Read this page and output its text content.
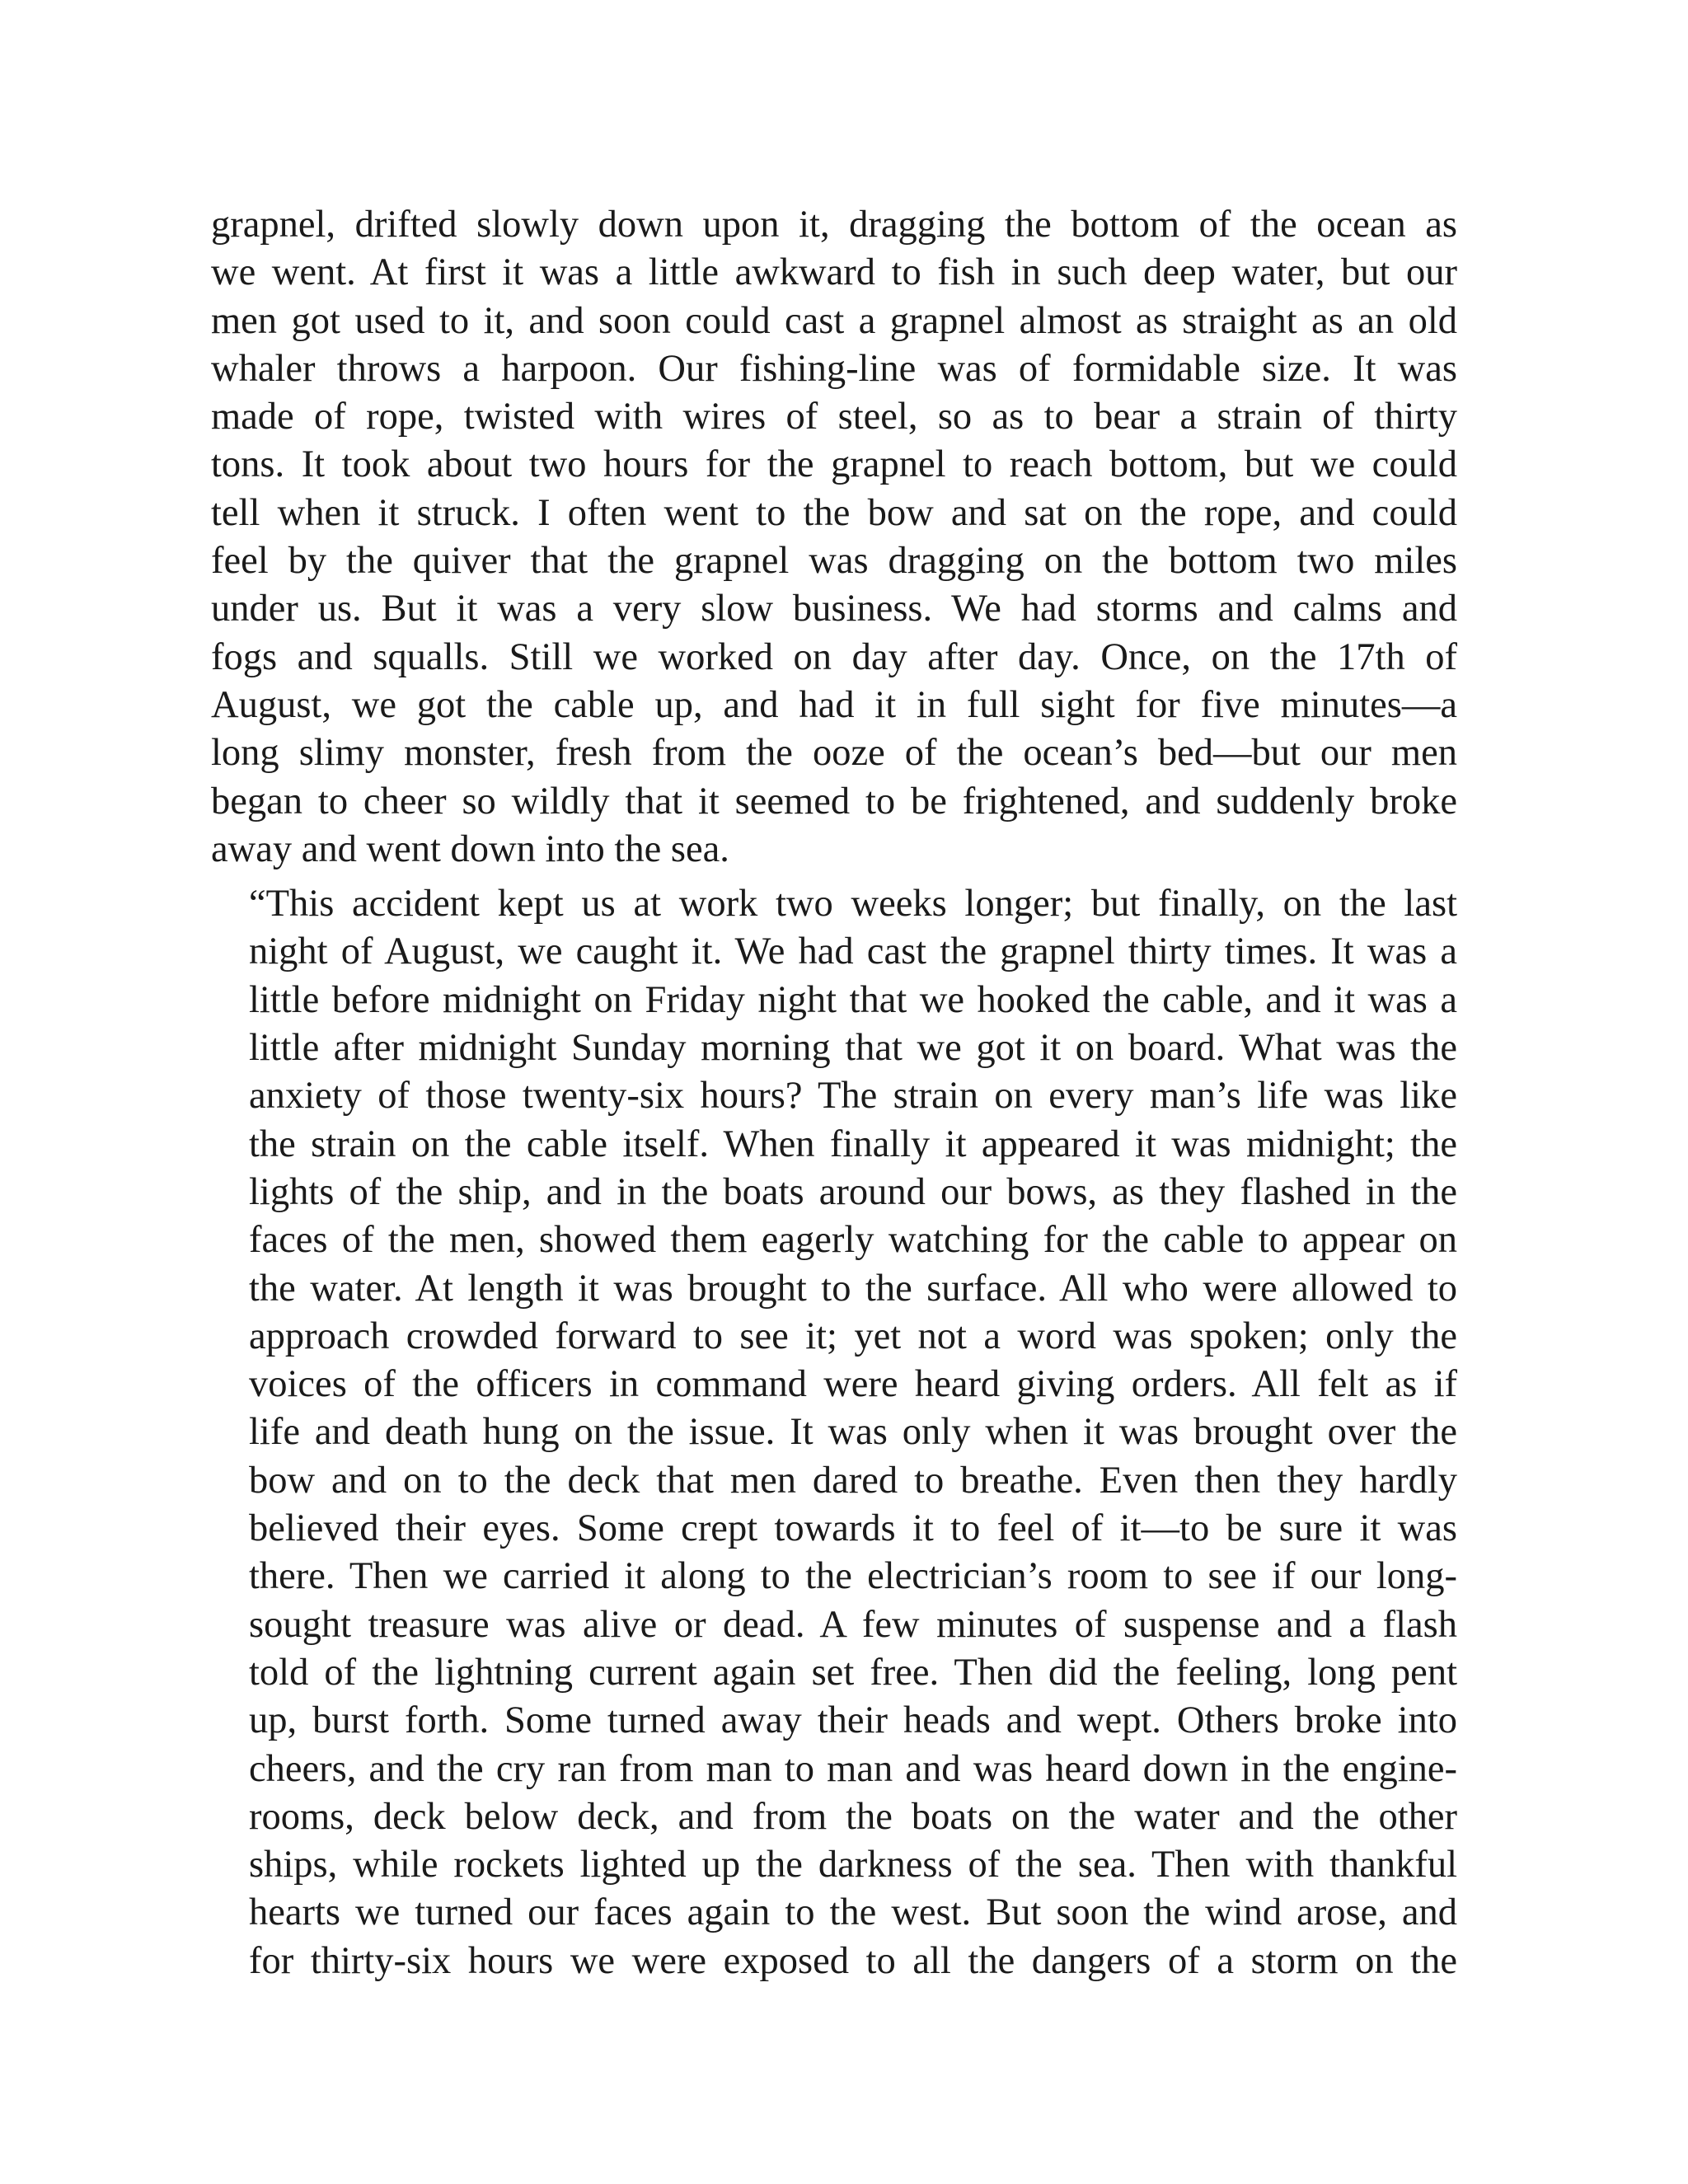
grapnel, drifted slowly down upon it, dragging the bottom of the ocean as
we went. At first it was a little awkward to fish in such deep water, but our
men got used to it, and soon could cast a grapnel almost as straight as an old
whaler throws a harpoon. Our fishing-line was of formidable size. It was
made of rope, twisted with wires of steel, so as to bear a strain of thirty
tons. It took about two hours for the grapnel to reach bottom, but we could
tell when it struck. I often went to the bow and sat on the rope, and could
feel by the quiver that the grapnel was dragging on the bottom two miles
under us. But it was a very slow business. We had storms and calms and
fogs and squalls. Still we worked on day after day. Once, on the 17th of
August, we got the cable up, and had it in full sight for five minutes—a
long slimy monster, fresh from the ooze of the ocean’s bed—but our men
began to cheer so wildly that it seemed to be frightened, and suddenly broke
away and went down into the sea.

“This accident kept us at work two weeks longer; but finally, on the last
night of August, we caught it. We had cast the grapnel thirty times. It was a
little before midnight on Friday night that we hooked the cable, and it was a
little after midnight Sunday morning that we got it on board. What was the
anxiety of those twenty-six hours? The strain on every man’s life was like
the strain on the cable itself. When finally it appeared it was midnight; the
lights of the ship, and in the boats around our bows, as they flashed in the
faces of the men, showed them eagerly watching for the cable to appear on
the water. At length it was brought to the surface. All who were allowed to
approach crowded forward to see it; yet not a word was spoken; only the
voices of the officers in command were heard giving orders. All felt as if
life and death hung on the issue. It was only when it was brought over the
bow and on to the deck that men dared to breathe. Even then they hardly
believed their eyes. Some crept towards it to feel of it—to be sure it was
there. Then we carried it along to the electrician’s room to see if our long-
sought treasure was alive or dead. A few minutes of suspense and a flash
told of the lightning current again set free. Then did the feeling, long pent
up, burst forth. Some turned away their heads and wept. Others broke into
cheers, and the cry ran from man to man and was heard down in the engine-
rooms, deck below deck, and from the boats on the water and the other
ships, while rockets lighted up the darkness of the sea. Then with thankful
hearts we turned our faces again to the west. But soon the wind arose, and
for thirty-six hours we were exposed to all the dangers of a storm on the
